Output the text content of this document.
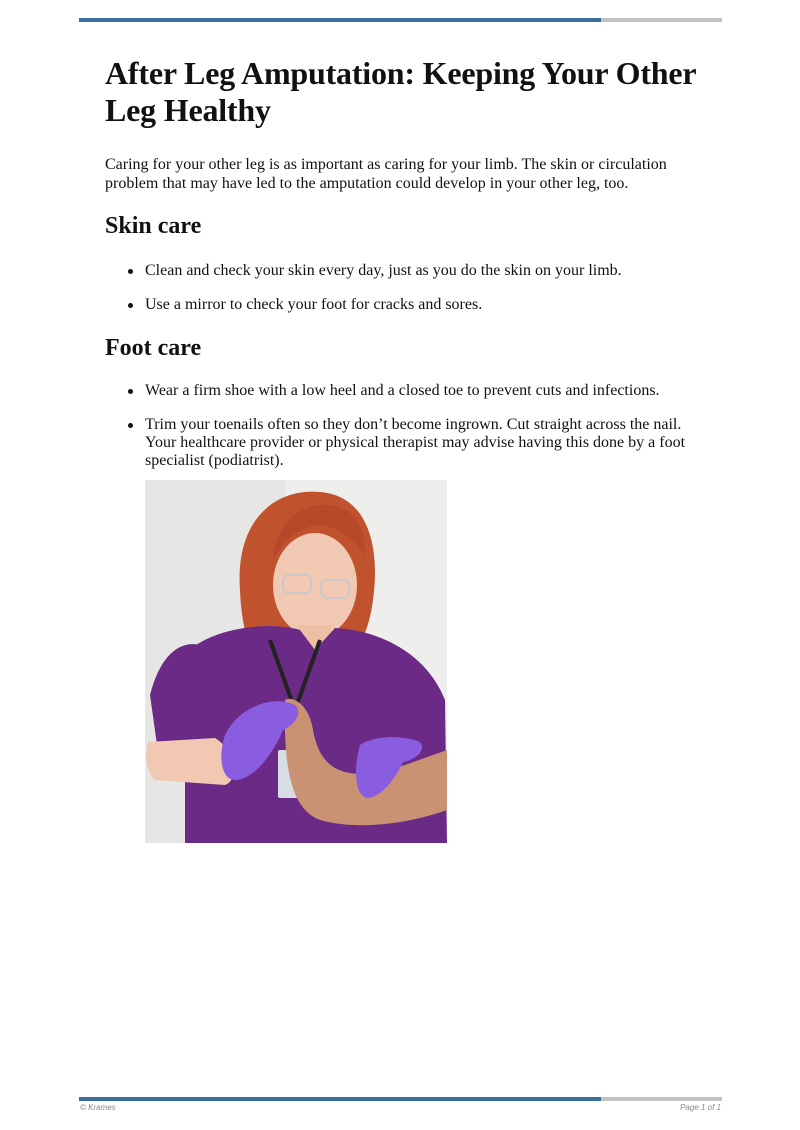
After Leg Amputation: Keeping Your Other Leg Healthy

Caring for your other leg is as important as caring for your limb. The skin or circulation problem that may have led to the amputation could develop in your other leg, too.

Skin care
Clean and check your skin every day, just as you do the skin on your limb.
Use a mirror to check your foot for cracks and sores.
Foot care
Wear a firm shoe with a low heel and a closed toe to prevent cuts and infections.
Trim your toenails often so they don’t become ingrown. Cut straight across the nail. Your healthcare provider or physical therapist may advise having this done by a foot specialist (podiatrist).
© Krames	Page 1 of 1
